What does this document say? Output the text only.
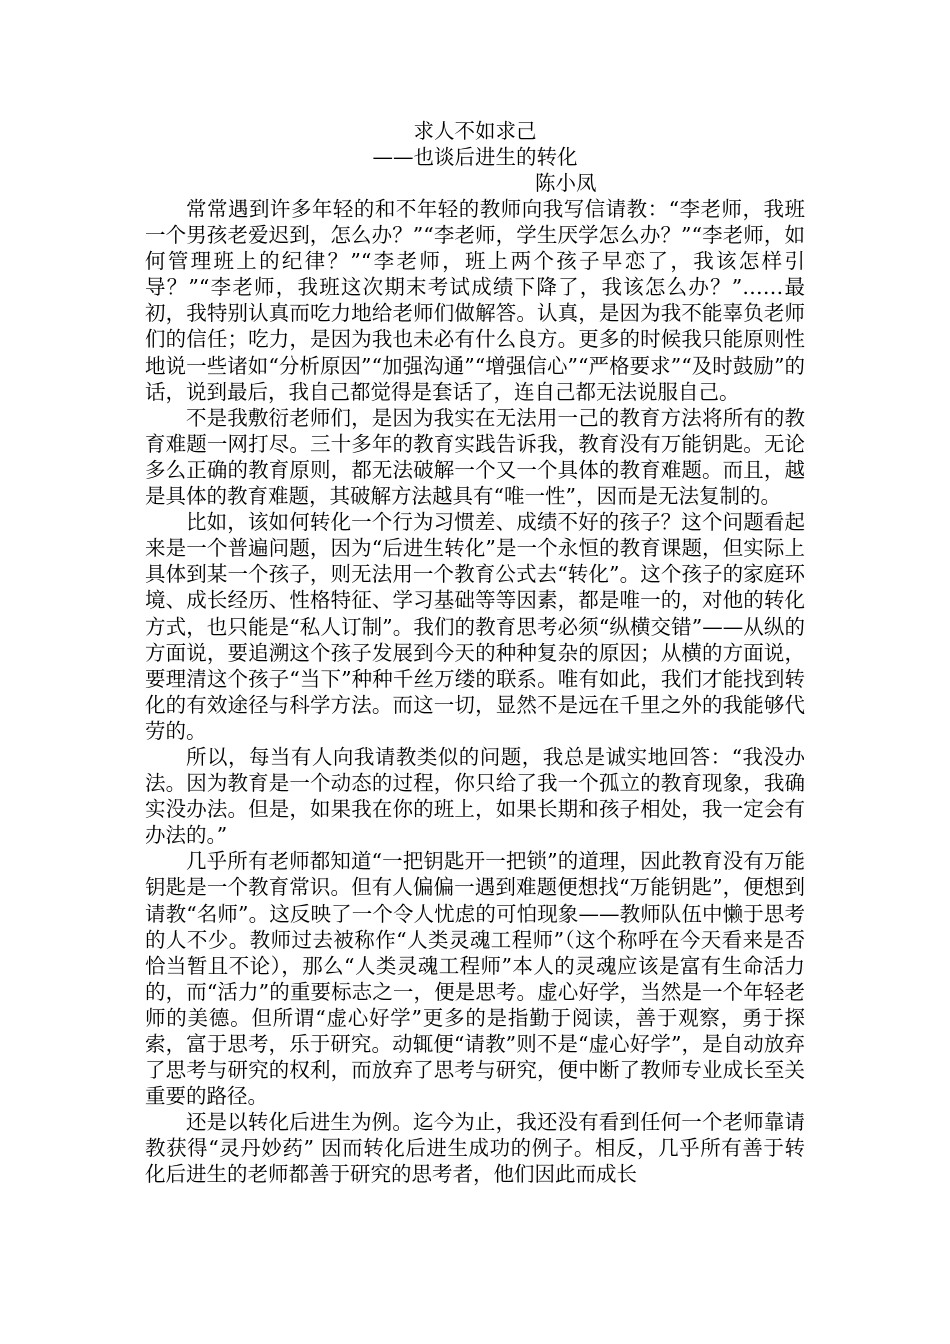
求人不如求己
——也谈后进生的转化

陈小凤

常常遇到许多年轻的和不年轻的教师向我写信请教：“李老师，我班一个男孩老爱迟到，怎么办？”“李老师，学生厌学怎么办？”“李老师，如何管理班上的纪律？”“李老师，班上两个孩子早恋了，我该怎样引导？”“李老师，我班这次期末考试成绩下降了，我该怎么办？”……最初，我特别认真而吃力地给老师们做解答。认真，是因为我不能辜负老师们的信任；吃力，是因为我也未必有什么良方。更多的时候我只能原则性地说一些诸如“分析原因”“加强沟通”“增强信心”“严格要求”“及时鼓励”的话，说到最后，我自己都觉得是套话了，连自己都无法说服自己。

不是我敷衍老师们，是因为我实在无法用一己的教育方法将所有的教育难题一网打尽。三十多年的教育实践告诉我，教育没有万能钥匙。无论多么正确的教育原则，都无法破解一个又一个具体的教育难题。而且，越是具体的教育难题，其破解方法越具有“唯一性”，因而是无法复制的。

比如，该如何转化一个行为习惯差、成绩不好的孩子？这个问题看起来是一个普遍问题，因为“后进生转化”是一个永恒的教育课题，但实际上具体到某一个孩子，则无法用一个教育公式去“转化”。这个孩子的家庭环境、成长经历、性格特征、学习基础等等因素，都是唯一的，对他的转化方式，也只能是“私人订制”。我们的教育思考必须“纵横交错”——从纵的方面说，要追溯这个孩子发展到今天的种种复杂的原因；从横的方面说，要理清这个孩子“当下”种种千丝万缕的联系。唯有如此，我们才能找到转化的有效途径与科学方法。而这一切，显然不是远在千里之外的我能够代劳的。

所以，每当有人向我请教类似的问题，我总是诚实地回答：“我没办法。因为教育是一个动态的过程，你只给了我一个孤立的教育现象，我确实没办法。但是，如果我在你的班上，如果长期和孩子相处，我一定会有办法的。”

几乎所有老师都知道“一把钥匙开一把锁”的道理，因此教育没有万能钥匙是一个教育常识。但有人偏偏一遇到难题便想找“万能钥匙”，便想到请教“名师”。这反映了一个令人忧虑的可怕现象——教师队伍中懒于思考的人不少。教师过去被称作“人类灵魂工程师”（这个称呼在今天看来是否恰当暂且不论），那么“人类灵魂工程师”本人的灵魂应该是富有生命活力的，而“活力”的重要标志之一，便是思考。虚心好学，当然是一个年轻老师的美德。但所谓“虚心好学”更多的是指勤于阅读，善于观察，勇于探索，富于思考，乐于研究。动辄便“请教”则不是“虚心好学”，是自动放弃了思考与研究的权利，而放弃了思考与研究，便中断了教师专业成长至关重要的路径。

还是以转化后进生为例。迄今为止，我还没有看到任何一个老师靠请教获得“灵丹妙药” 因而转化后进生成功的例子。相反，几乎所有善于转化后进生的老师都善于研究的思考者，他们因此而成长
